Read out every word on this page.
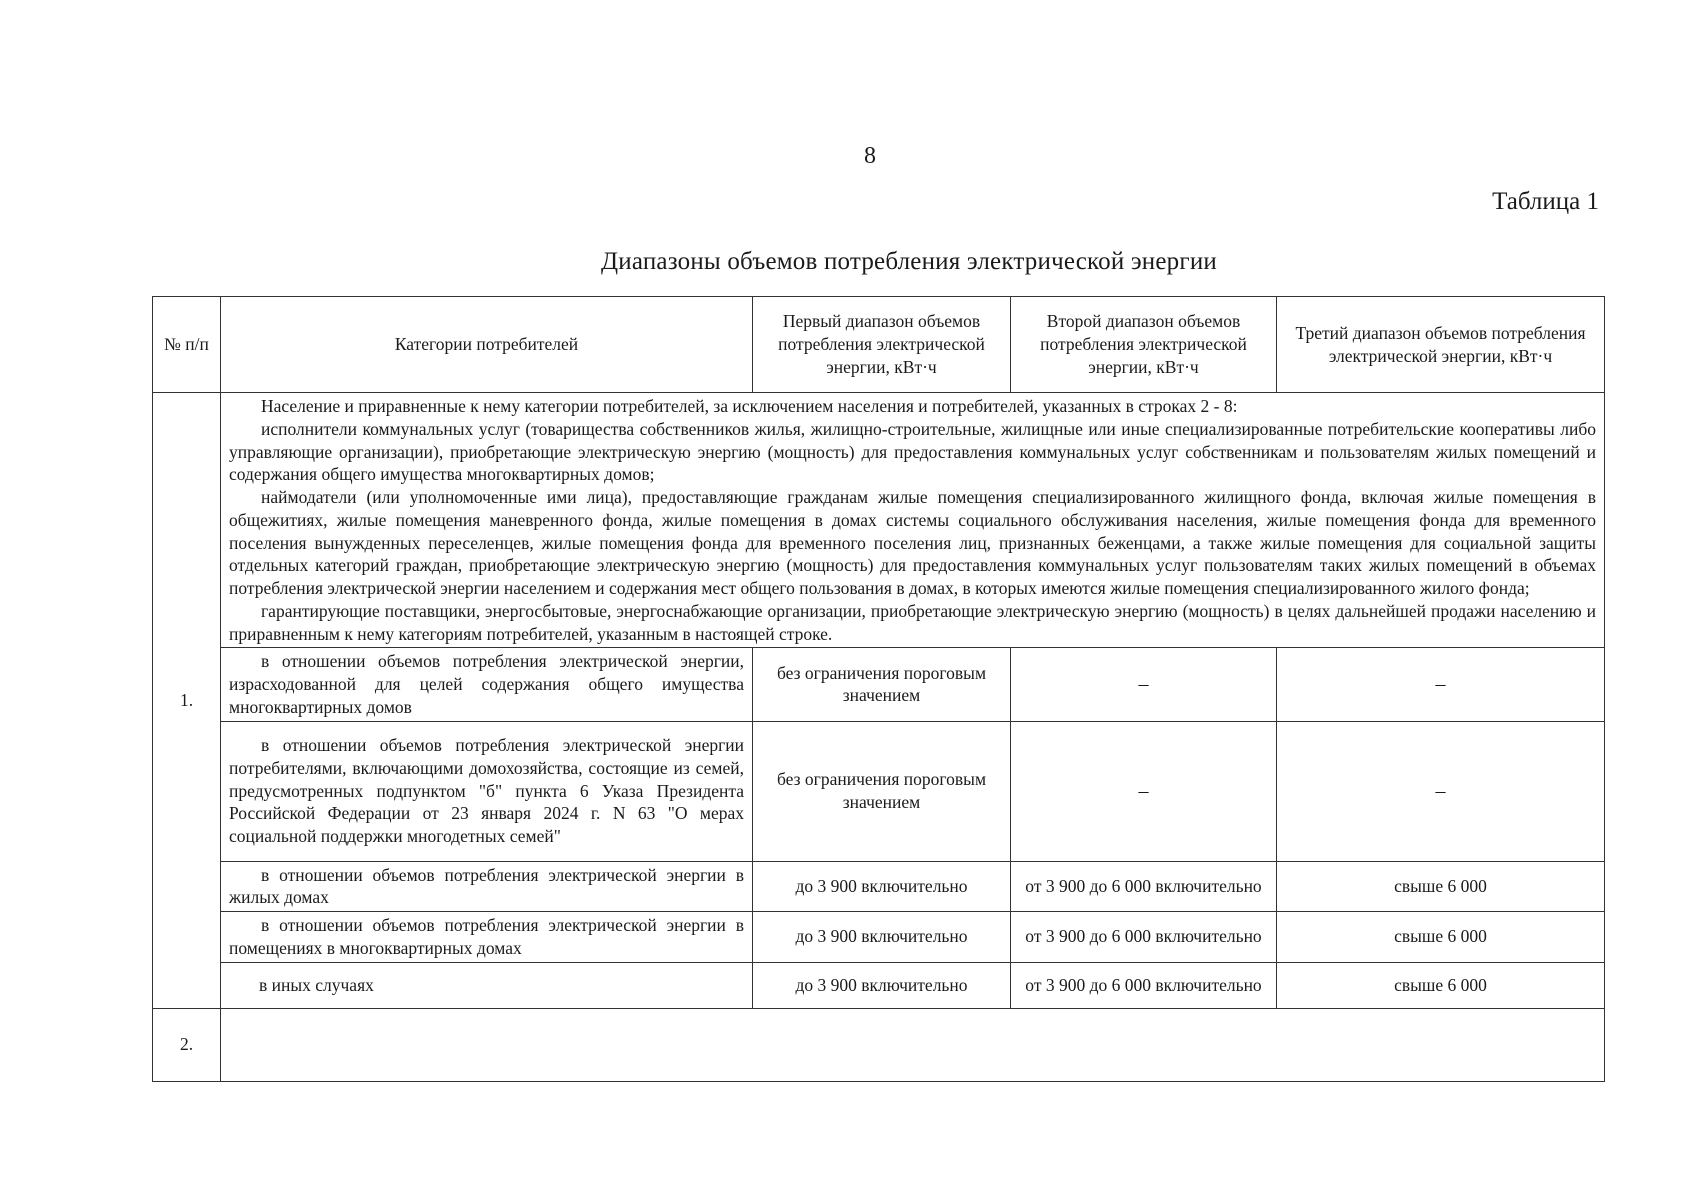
8
Таблица 1
Диапазоны объемов потребления электрической энергии
№ п/п	Категории потребителей	Первый диапазон объемов потребления электрической энергии, кВт·ч	Второй диапазон объемов потребления электрической энергии, кВт·ч	Третий диапазон объемов потребления электрической энергии, кВт·ч
1.	Население и приравненные к нему категории потребителей, за исключением населения и потребителей, указанных в строках 2 - 8:

исполнители коммунальных услуг (товарищества собственников жилья, жилищно-строительные, жилищные или иные специализированные потребительские кооперативы либо управляющие организации), приобретающие электрическую энергию (мощность) для предоставления коммунальных услуг собственникам и пользователям жилых помещений и содержания общего имущества многоквартирных домов;

наймодатели (или уполномоченные ими лица), предоставляющие гражданам жилые помещения специализированного жилищного фонда, включая жилые помещения в общежитиях, жилые помещения маневренного фонда, жилые помещения в домах системы социального обслуживания населения, жилые помещения фонда для временного поселения вынужденных переселенцев, жилые помещения фонда для временного поселения лиц, признанных беженцами, а также жилые помещения для социальной защиты отдельных категорий граждан, приобретающие электрическую энергию (мощность) для предоставления коммунальных услуг пользователям таких жилых помещений в объемах потребления электрической энергии населением и содержания мест общего пользования в домах, в которых имеются жилые помещения специализированного жилого фонда;

гарантирующие поставщики, энергосбытовые, энергоснабжающие организации, приобретающие электрическую энергию (мощность) в целях дальнейшей продажи населению и приравненным к нему категориям потребителей, указанным в настоящей строке.			

	в отношении объемов потребления электрической энергии, израсходованной для целей содержания общего имущества многоквартирных домов	без ограничения пороговым значением	–	–

	в отношении объемов потребления электрической энергии потребителями, включающими домохозяйства, состоящие из семей, предусмотренных подпунктом "б" пункта 6 Указа Президента Российской Федерации от 23 января 2024 г. N 63 "О мерах социальной поддержки многодетных семей"	без ограничения пороговым значением	–	–

	в отношении объемов потребления электрической энергии в жилых домах	до 3 900 включительно	от 3 900 до 6 000 включительно	свыше 6 000

	в отношении объемов потребления электрической энергии в помещениях в многоквартирных домах	до 3 900 включительно	от 3 900 до 6 000 включительно	свыше 6 000
	в иных случаях	до 3 900 включительно	от 3 900 до 6 000 включительно	свыше 6 000
2.				
